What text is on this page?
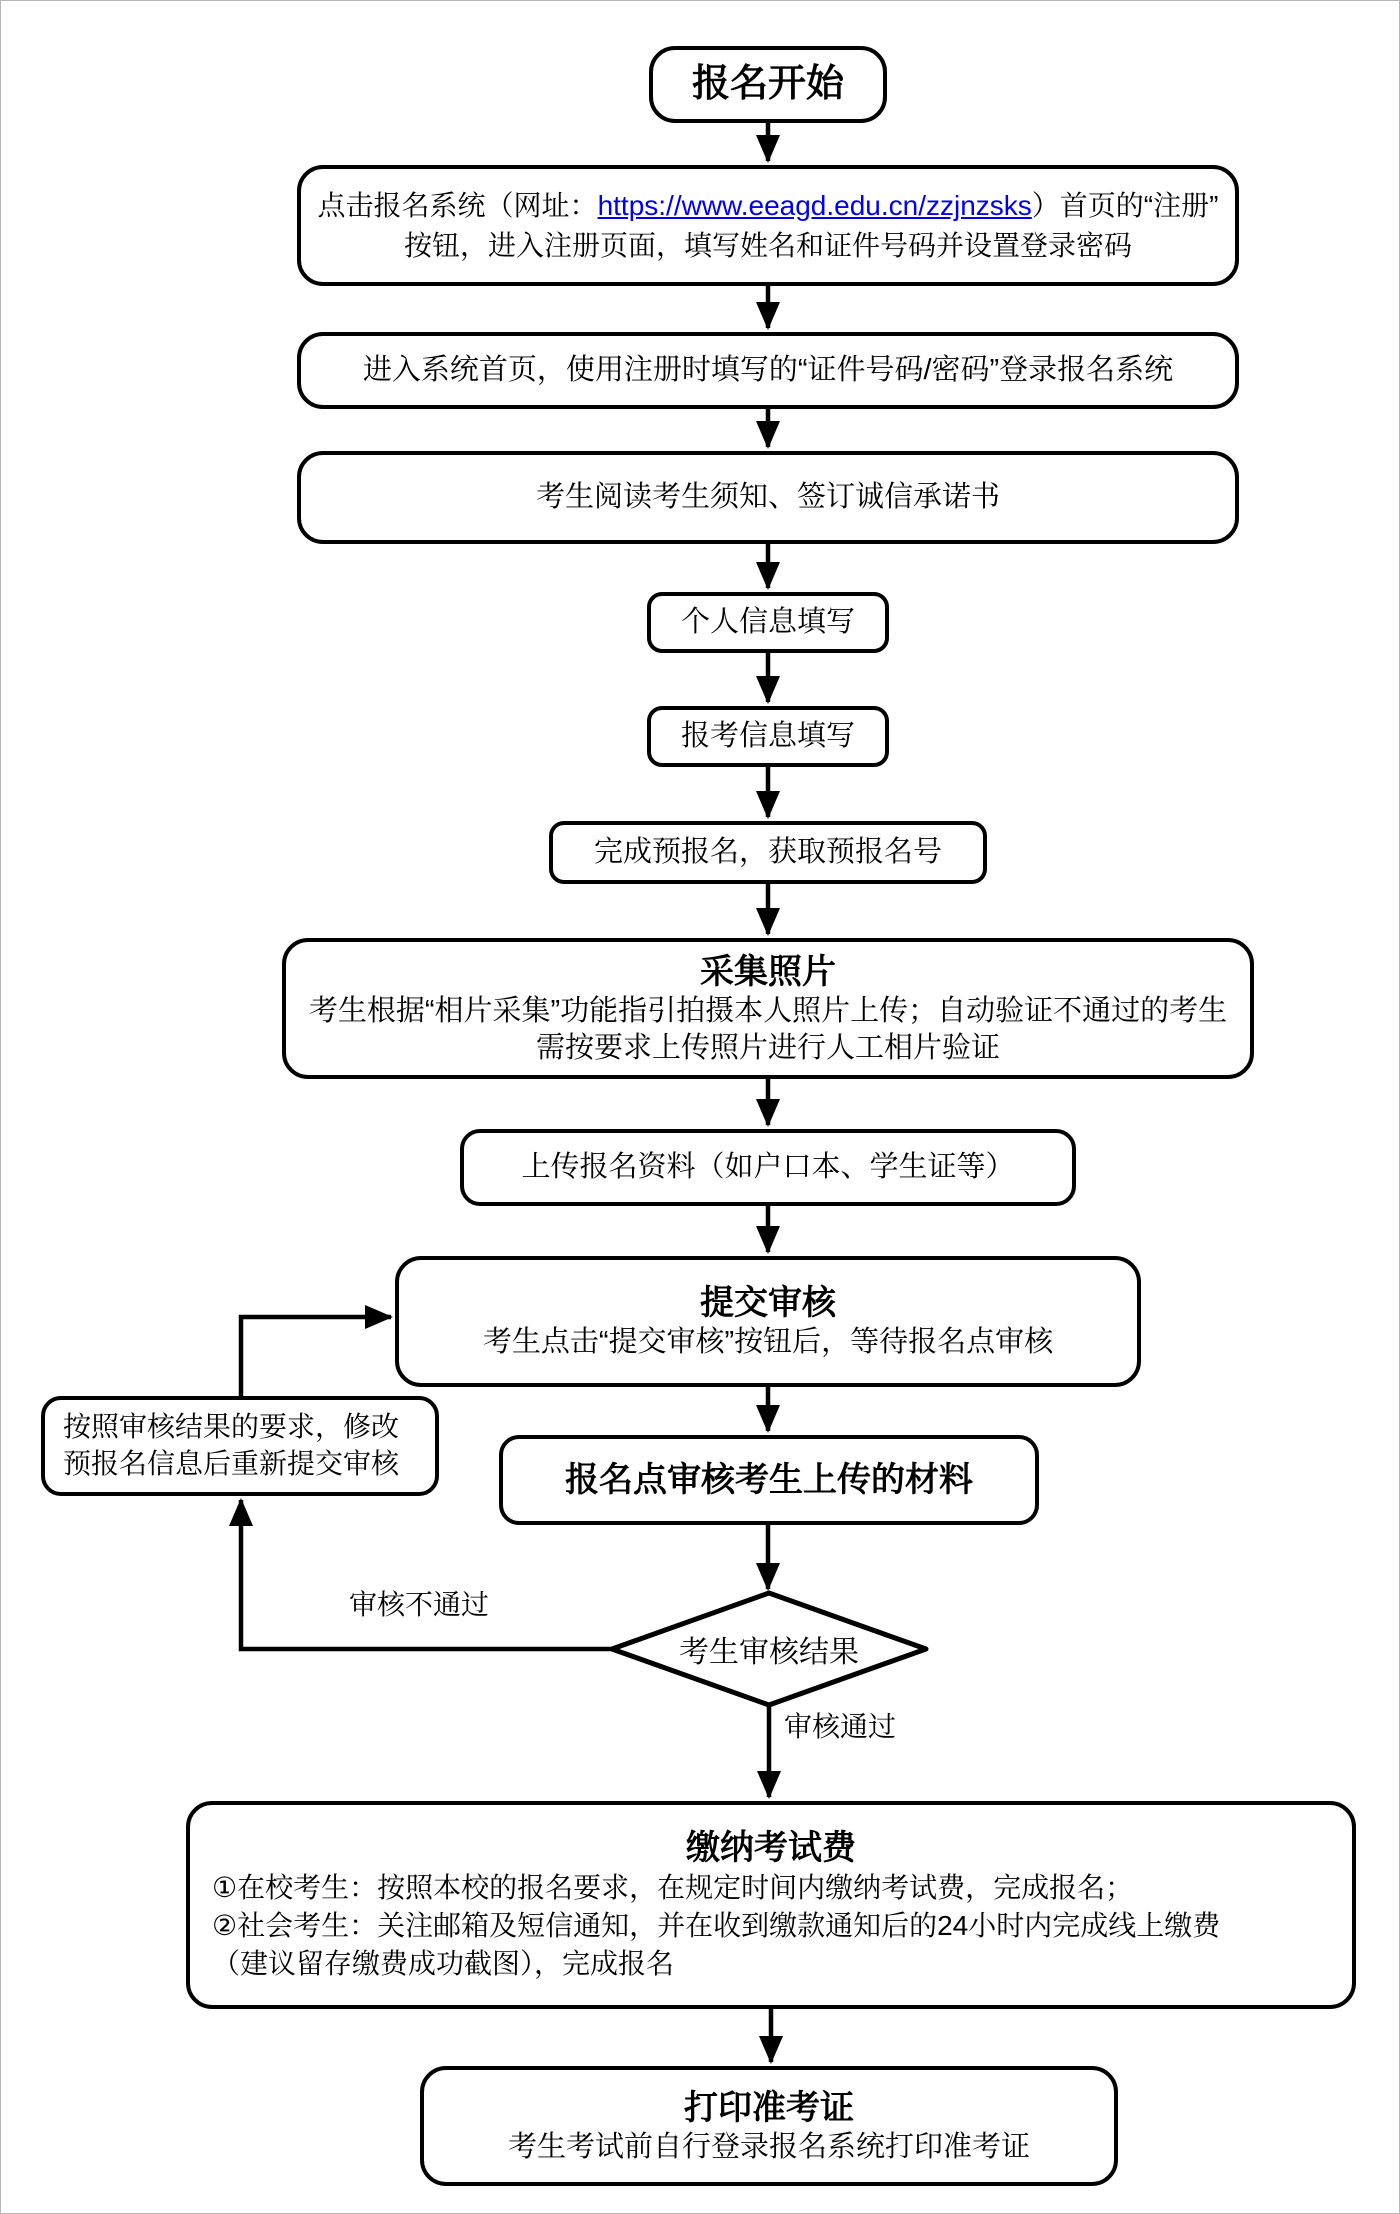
报名开始
点击报名系统（网址：https://www.eeagd.edu.cn/zzjnzsks）首页的“注册”
按钮，进入注册页面，填写姓名和证件号码并设置登录密码
进入系统首页，使用注册时填写的“证件号码/密码”登录报名系统
考生阅读考生须知、签订诚信承诺书
个人信息填写
报考信息填写
完成预报名，获取预报名号
采集照片
考生根据“相片采集”功能指引拍摄本人照片上传；自动验证不通过的考生需按要求上传照片进行人工相片验证
上传报名资料（如户口本、学生证等）
提交审核
考生点击“提交审核”按钮后，等待报名点审核
按照审核结果的要求，修改
预报名信息后重新提交审核	报名点审核考生上传的材料
考生审核结果
审核不通过
审核通过
缴纳考试费
①在校考生：按照本校的报名要求，在规定时间内缴纳考试费，完成报名；
②社会考生：关注邮箱及短信通知，并在收到缴款通知后的24小时内完成线上缴费
（建议留存缴费成功截图），完成报名
打印准考证
考生考试前自行登录报名系统打印准考证
